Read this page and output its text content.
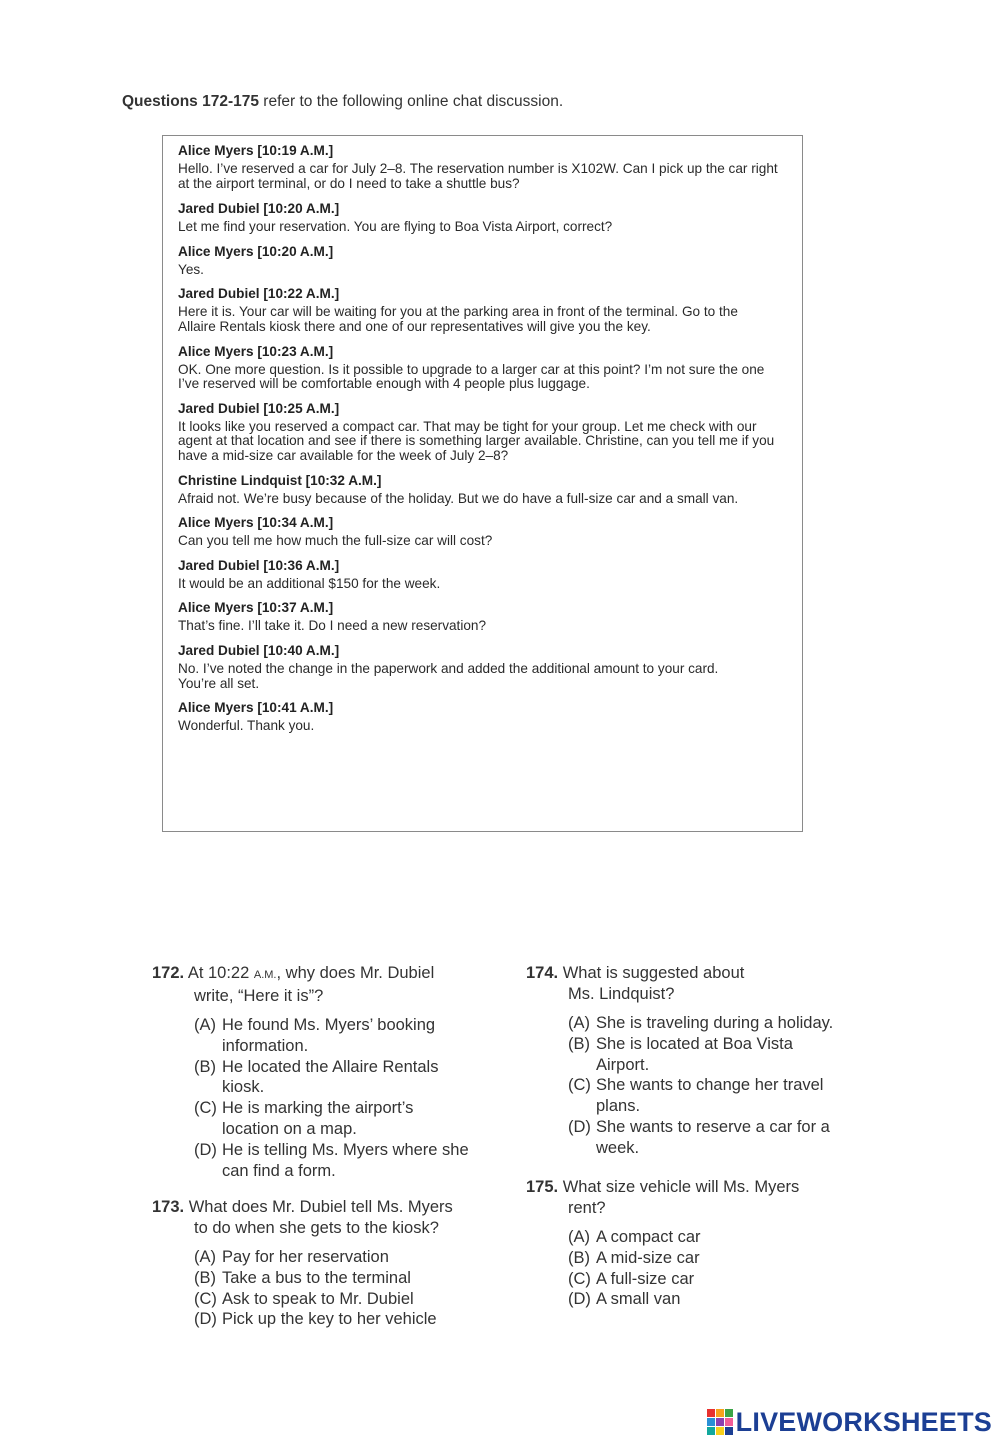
Questions 172-175 refer to the following online chat discussion.
Alice Myers [10:19 A.M.]
Hello. I’ve reserved a car for July 2–8. The reservation number is X102W. Can I pick up the car right at the airport terminal, or do I need to take a shuttle bus?
Jared Dubiel [10:20 A.M.]
Let me find your reservation. You are flying to Boa Vista Airport, correct?
Alice Myers [10:20 A.M.]
Yes.
Jared Dubiel [10:22 A.M.]
Here it is. Your car will be waiting for you at the parking area in front of the terminal. Go to the Allaire Rentals kiosk there and one of our representatives will give you the key.
Alice Myers [10:23 A.M.]
OK. One more question. Is it possible to upgrade to a larger car at this point? I’m not sure the one I’ve reserved will be comfortable enough with 4 people plus luggage.
Jared Dubiel [10:25 A.M.]
It looks like you reserved a compact car. That may be tight for your group. Let me check with our agent at that location and see if there is something larger available. Christine, can you tell me if you have a mid-size car available for the week of July 2–8?
Christine Lindquist [10:32 A.M.]
Afraid not. We’re busy because of the holiday. But we do have a full-size car and a small van.
Alice Myers [10:34 A.M.]
Can you tell me how much the full-size car will cost?
Jared Dubiel [10:36 A.M.]
It would be an additional $150 for the week.
Alice Myers [10:37 A.M.]
That’s fine. I’ll take it. Do I need a new reservation?
Jared Dubiel [10:40 A.M.]
No. I’ve noted the change in the paperwork and added the additional amount to your card. You’re all set.
Alice Myers [10:41 A.M.]
Wonderful. Thank you.
172. At 10:22 A.M., why does Mr. Dubiel
write, “Here it is”?
(A) He found Ms. Myers’ booking
information.
(B) He located the Allaire Rentals
kiosk.
(C) He is marking the airport’s
location on a map.
(D) He is telling Ms. Myers where she
can find a form.
173. What does Mr. Dubiel tell Ms. Myers
to do when she gets to the kiosk?
(A) Pay for her reservation
(B) Take a bus to the terminal
(C) Ask to speak to Mr. Dubiel
(D) Pick up the key to her vehicle
174. What is suggested about
Ms. Lindquist?
(A) She is traveling during a holiday.
(B) She is located at Boa Vista
Airport.
(C) She wants to change her travel
plans.
(D) She wants to reserve a car for a
week.
175. What size vehicle will Ms. Myers
rent?
(A) A compact car
(B) A mid-size car
(C) A full-size car
(D) A small van
LIVEWORKSHEETS
